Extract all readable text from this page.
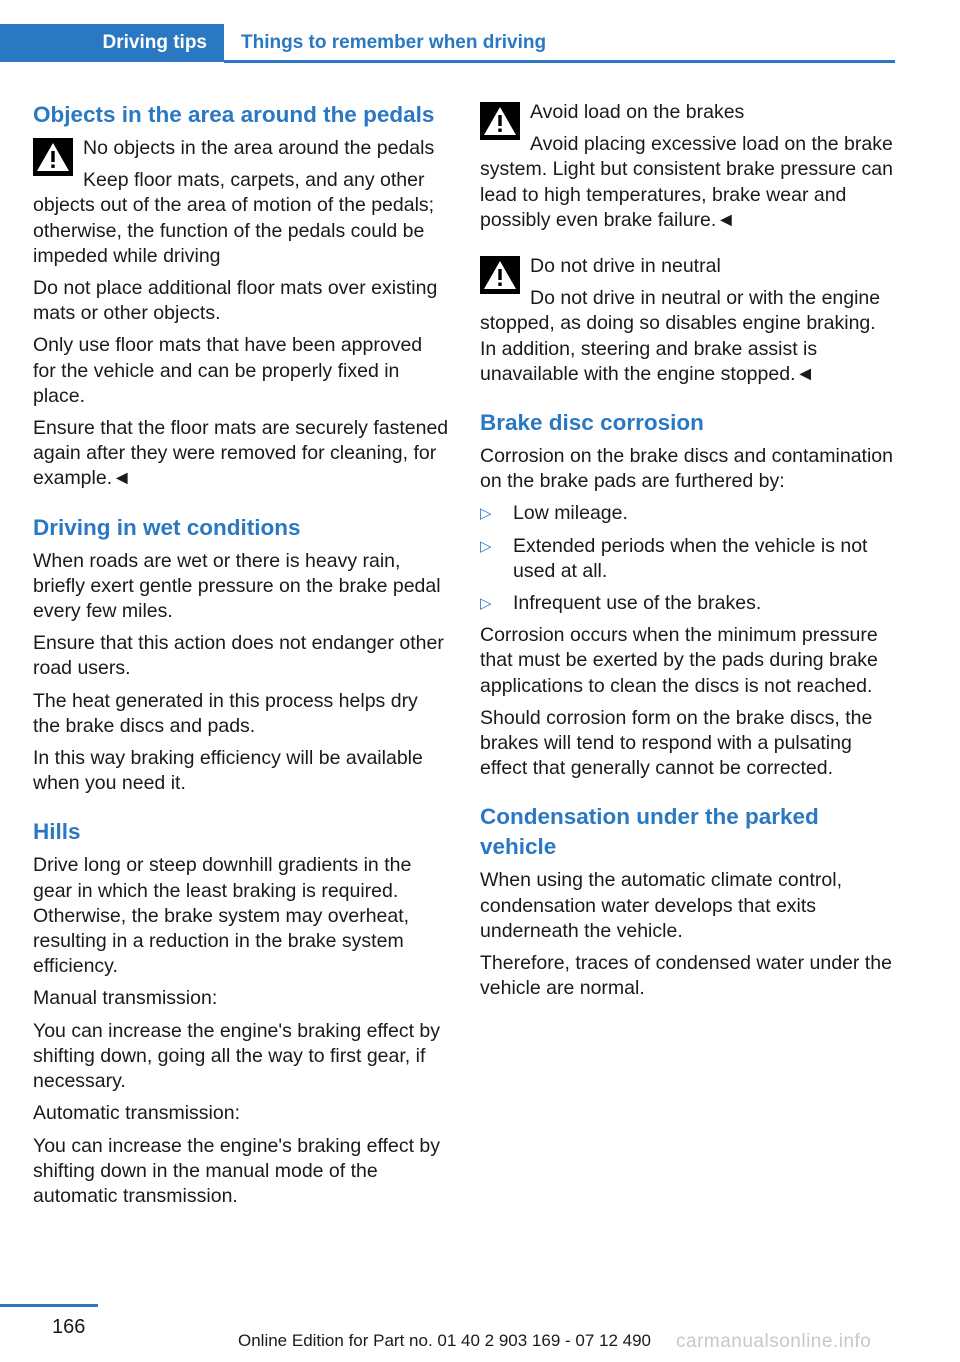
Driving tips	Things to remember when driving
Objects in the area around the pedals
No objects in the area around the pedals
Keep floor mats, carpets, and any other objects out of the area of motion of the pedals; otherwise, the function of the pedals could be impeded while driving

Do not place additional floor mats over existing mats or other objects.

Only use floor mats that have been approved for the vehicle and can be properly fixed in place.

Ensure that the floor mats are securely fastened again after they were removed for cleaning, for example.◄

Driving in wet conditions

When roads are wet or there is heavy rain, briefly exert gentle pressure on the brake pedal every few miles.

Ensure that this action does not endanger other road users.

The heat generated in this process helps dry the brake discs and pads.

In this way braking efficiency will be available when you need it.

Hills

Drive long or steep downhill gradients in the gear in which the least braking is required. Otherwise, the brake system may overheat, resulting in a reduction in the brake system efficiency.

Manual transmission:

You can increase the engine's braking effect by shifting down, going all the way to first gear, if necessary.

Automatic transmission:

You can increase the engine's braking effect by shifting down in the manual mode of the automatic transmission.

Avoid load on the brakes
Avoid placing excessive load on the brake system. Light but consistent brake pressure can lead to high temperatures, brake wear and possibly even brake failure.◄
Do not drive in neutral
Do not drive in neutral or with the engine stopped, as doing so disables engine braking. In addition, steering and brake assist is unavailable with the engine stopped.◄
Brake disc corrosion

Corrosion on the brake discs and contamination on the brake pads are furthered by:

▷ Low mileage.
▷ Extended periods when the vehicle is not used at all.
▷ Infrequent use of the brakes.

Corrosion occurs when the minimum pressure that must be exerted by the pads during brake applications to clean the discs is not reached.

Should corrosion form on the brake discs, the brakes will tend to respond with a pulsating effect that generally cannot be corrected.

Condensation under the parked vehicle

When using the automatic climate control, condensation water develops that exits underneath the vehicle.

Therefore, traces of condensed water under the vehicle are normal.

166
Online Edition for Part no. 01 40 2 903 169 - 07 12 490 carmanualsonline.info
